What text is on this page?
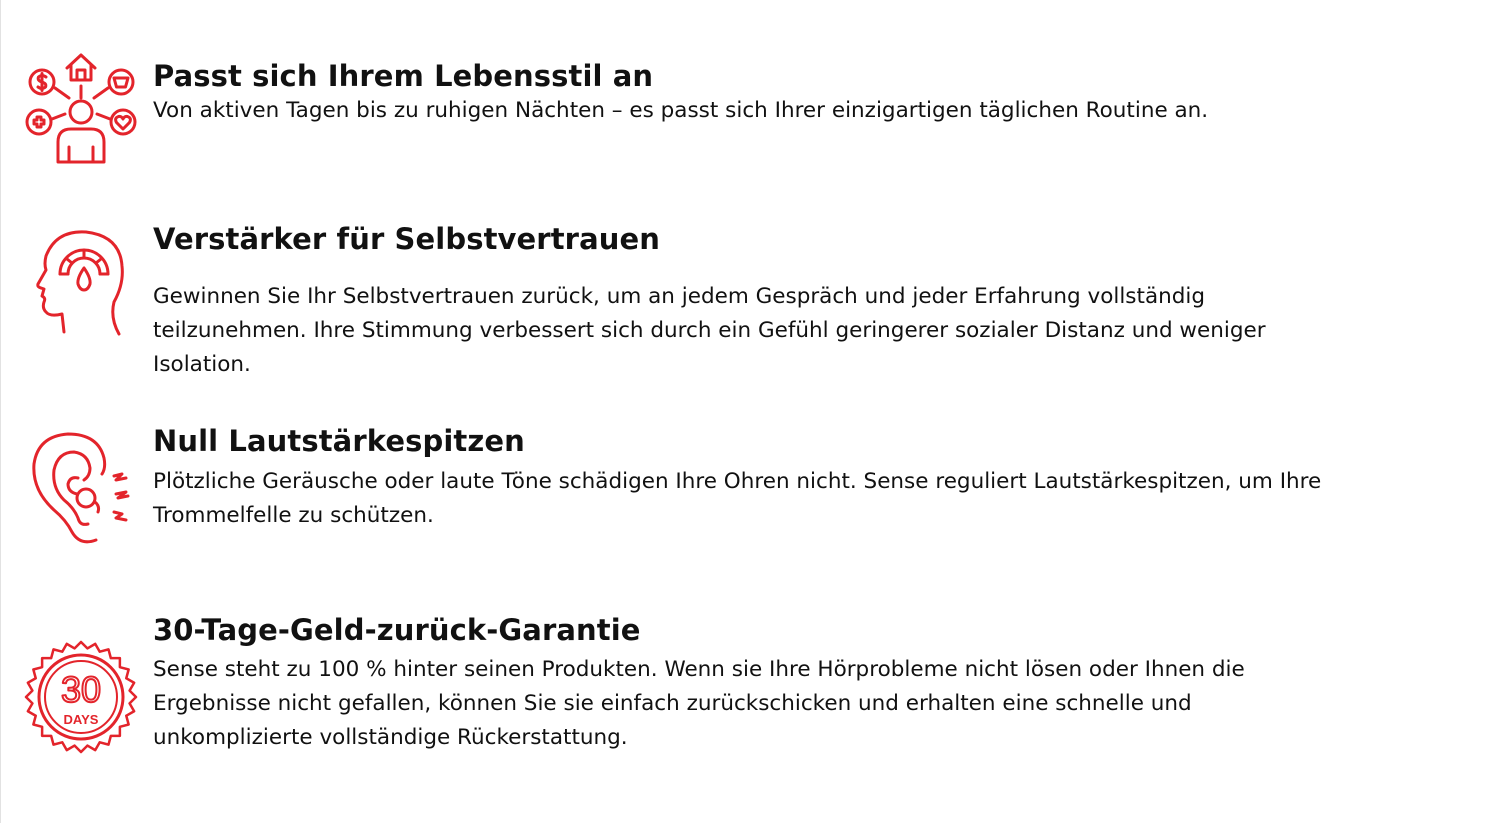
Passt sich Ihrem Lebensstil an

Von aktiven Tagen bis zu ruhigen Nächten – es passt sich Ihrer einzigartigen täglichen Routine an.

Verstärker für Selbstvertrauen

Gewinnen Sie Ihr Selbstvertrauen zurück, um an jedem Gespräch und jeder Erfahrung vollständig teilzunehmen. Ihre Stimmung verbessert sich durch ein Gefühl geringerer sozialer Distanz und weniger Isolation.

Null Lautstärkespitzen

Plötzliche Geräusche oder laute Töne schädigen Ihre Ohren nicht. Sense reguliert Lautstärkespitzen, um Ihre Trommelfelle zu schützen.

30
DAYS
30-Tage-Geld-zurück-Garantie

Sense steht zu 100 % hinter seinen Produkten. Wenn sie Ihre Hörprobleme nicht lösen oder Ihnen die Ergebnisse nicht gefallen, können Sie sie einfach zurückschicken und erhalten eine schnelle und unkomplizierte vollständige Rückerstattung.
